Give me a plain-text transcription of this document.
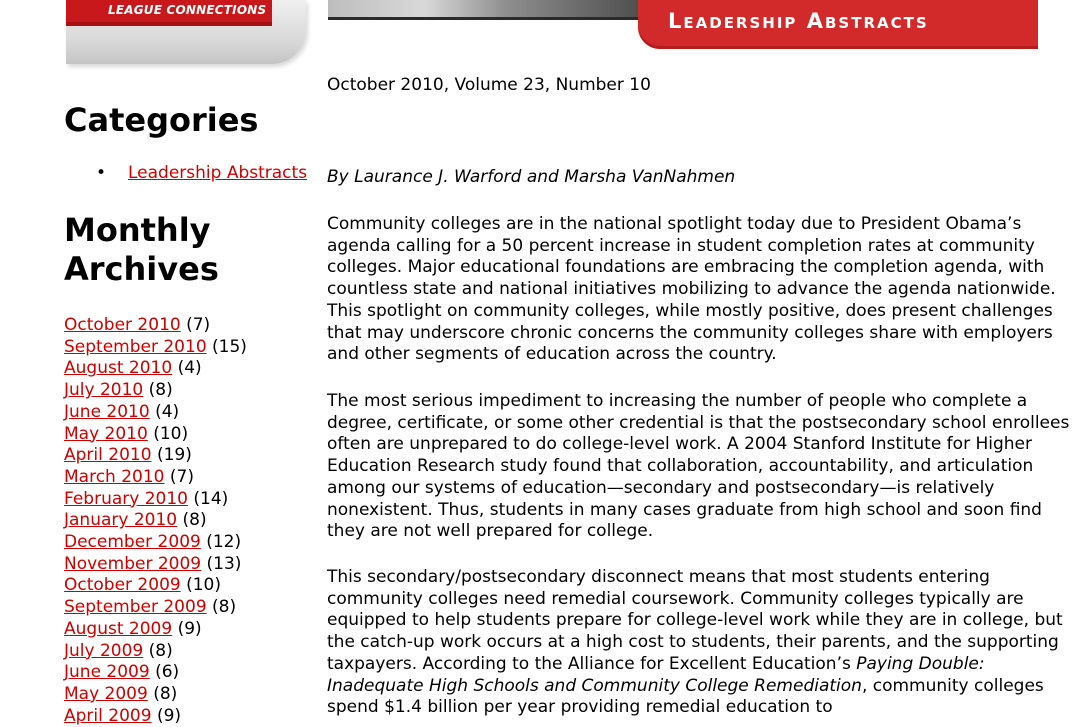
LEAGUE CONNECTIONS	Leadership Abstracts
October 2010, Volume 23, Number 10
Categories
• Leadership Abstracts
Monthly Archives
October 2010 (7)
September 2010 (15)
August 2010 (4)
July 2010 (8)
June 2010 (4)
May 2010 (10)
April 2010 (19)
March 2010 (7)
February 2010 (14)
January 2010 (8)
December 2009 (12)
November 2009 (13)
October 2009 (10)
September 2009 (8)
August 2009 (9)
July 2009 (8)
June 2009 (6)
May 2009 (8)
April 2009 (9)
By Laurance J. Warford and Marsha VanNahmen

Community colleges are in the national spotlight today due to President Obama’s agenda calling for a 50 percent increase in student completion rates at community colleges. Major educational foundations are embracing the completion agenda, with countless state and national initiatives mobilizing to advance the agenda nationwide. This spotlight on community colleges, while mostly positive, does present challenges that may underscore chronic concerns the community colleges share with employers and other segments of education across the country.

The most serious impediment to increasing the number of people who complete a degree, certificate, or some other credential is that the postsecondary school enrollees often are unprepared to do college-level work. A 2004 Stanford Institute for Higher Education Research study found that collaboration, accountability, and articulation among our systems of education—secondary and postsecondary—is relatively nonexistent. Thus, students in many cases graduate from high school and soon find they are not well prepared for college.

This secondary/postsecondary disconnect means that most students entering community colleges need remedial coursework. Community colleges typically are equipped to help students prepare for college-level work while they are in college, but the catch-up work occurs at a high cost to students, their parents, and the supporting taxpayers. According to the Alliance for Excellent Education’s Paying Double: Inadequate High Schools and Community College Remediation, community colleges spend $1.4 billion per year providing remedial education to
